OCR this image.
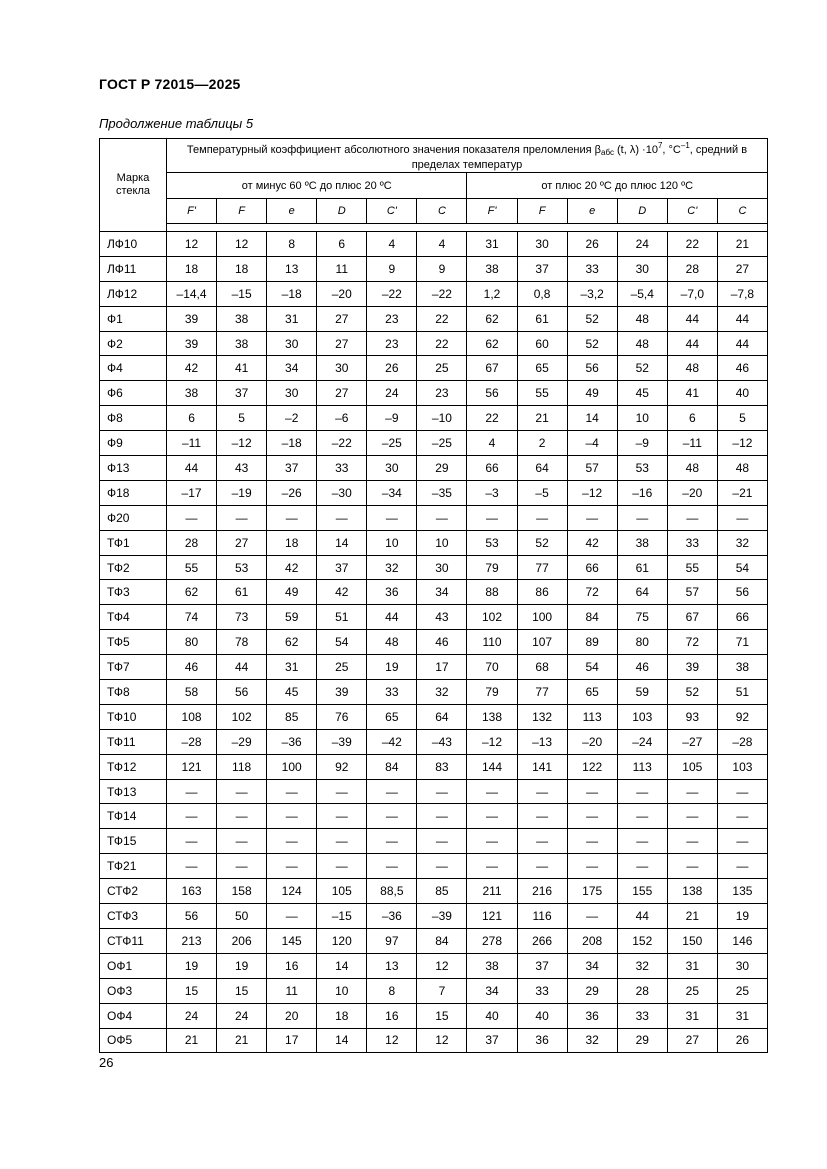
ГОСТ Р 72015—2025
Продолжение таблицы 5
Марка стекла	Температурный коэффициент абсолютного значения показателя преломления $\beta_{абс}$ (t, $\lambda) \cdot 10^7$, $^\circ C^{-1}$, средний в пределах температур											
	от минус 60 ºС до плюс 20 ºС						от плюс 20 ºС до плюс 120 ºС					
	F'	F	e	D	C'	C	F'	F	e	D	C'	C

ЛФ10	12	12	8	6	4	4	31	30	26	24	22	21
ЛФ11	18	18	13	11	9	9	38	37	33	30	28	27
ЛФ12	–14,4	–15	–18	–20	–22	–22	1,2	0,8	–3,2	–5,4	–7,0	–7,8
Ф1	39	38	31	27	23	22	62	61	52	48	44	44
Ф2	39	38	30	27	23	22	62	60	52	48	44	44
Ф4	42	41	34	30	26	25	67	65	56	52	48	46
Ф6	38	37	30	27	24	23	56	55	49	45	41	40
Ф8	6	5	–2	–6	–9	–10	22	21	14	10	6	5
Ф9	–11	–12	–18	–22	–25	–25	4	2	–4	–9	–11	–12
Ф13	44	43	37	33	30	29	66	64	57	53	48	48
Ф18	–17	–19	–26	–30	–34	–35	–3	–5	–12	–16	–20	–21
Ф20	—	—	—	—	—	—	—	—	—	—	—	—
ТФ1	28	27	18	14	10	10	53	52	42	38	33	32
ТФ2	55	53	42	37	32	30	79	77	66	61	55	54
ТФ3	62	61	49	42	36	34	88	86	72	64	57	56
ТФ4	74	73	59	51	44	43	102	100	84	75	67	66
ТФ5	80	78	62	54	48	46	110	107	89	80	72	71
ТФ7	46	44	31	25	19	17	70	68	54	46	39	38
ТФ8	58	56	45	39	33	32	79	77	65	59	52	51
ТФ10	108	102	85	76	65	64	138	132	113	103	93	92
ТФ11	–28	–29	–36	–39	–42	–43	–12	–13	–20	–24	–27	–28
ТФ12	121	118	100	92	84	83	144	141	122	113	105	103
ТФ13	—	—	—	—	—	—	—	—	—	—	—	—
ТФ14	—	—	—	—	—	—	—	—	—	—	—	—
ТФ15	—	—	—	—	—	—	—	—	—	—	—	—
ТФ21	—	—	—	—	—	—	—	—	—	—	—	—
СТФ2	163	158	124	105	88,5	85	211	216	175	155	138	135
СТФ3	56	50	—	–15	–36	–39	121	116	—	44	21	19
СТФ11	213	206	145	120	97	84	278	266	208	152	150	146
ОФ1	19	19	16	14	13	12	38	37	34	32	31	30
ОФ3	15	15	11	10	8	7	34	33	29	28	25	25
ОФ4	24	24	20	18	16	15	40	40	36	33	31	31
ОФ5	21	21	17	14	12	12	37	36	32	29	27	26
26
